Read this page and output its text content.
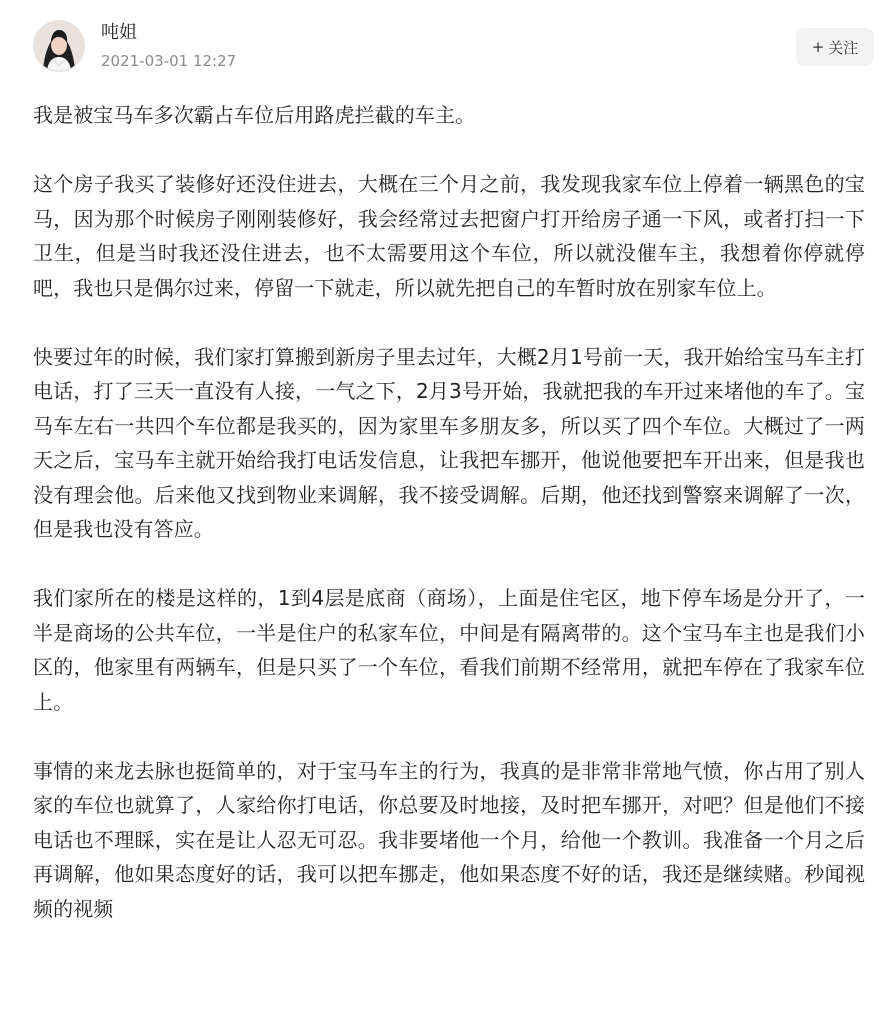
吨姐
2021-03-01 12:27
+ 关注

我是被宝马车多次霸占车位后用路虎拦截的车主。

这个房子我买了装修好还没住进去，大概在三个月之前，我发现我家车位上停着一辆黑色的宝马，因为那个时候房子刚刚装修好，我会经常过去把窗户打开给房子通一下风，或者打扫一下卫生，但是当时我还没住进去，也不太需要用这个车位，所以就没催车主，我想着你停就停吧，我也只是偶尔过来，停留一下就走，所以就先把自己的车暂时放在别家车位上。

快要过年的时候，我们家打算搬到新房子里去过年，大概2月1号前一天，我开始给宝马车主打电话，打了三天一直没有人接，一气之下，2月3号开始，我就把我的车开过来堵他的车了。宝马车左右一共四个车位都是我买的，因为家里车多朋友多，所以买了四个车位。大概过了一两天之后，宝马车主就开始给我打电话发信息，让我把车挪开，他说他要把车开出来，但是我也没有理会他。后来他又找到物业来调解，我不接受调解。后期，他还找到警察来调解了一次，但是我也没有答应。

我们家所在的楼是这样的，1到4层是底商（商场），上面是住宅区，地下停车场是分开了，一半是商场的公共车位，一半是住户的私家车位，中间是有隔离带的。这个宝马车主也是我们小区的，他家里有两辆车，但是只买了一个车位，看我们前期不经常用，就把车停在了我家车位上。

事情的来龙去脉也挺简单的，对于宝马车主的行为，我真的是非常非常地气愤，你占用了别人家的车位也就算了，人家给你打电话，你总要及时地接，及时把车挪开，对吧？但是他们不接电话也不理睬，实在是让人忍无可忍。我非要堵他一个月，给他一个教训。我准备一个月之后再调解，他如果态度好的话，我可以把车挪走，他如果态度不好的话，我还是继续赌。秒闻视频的视频
